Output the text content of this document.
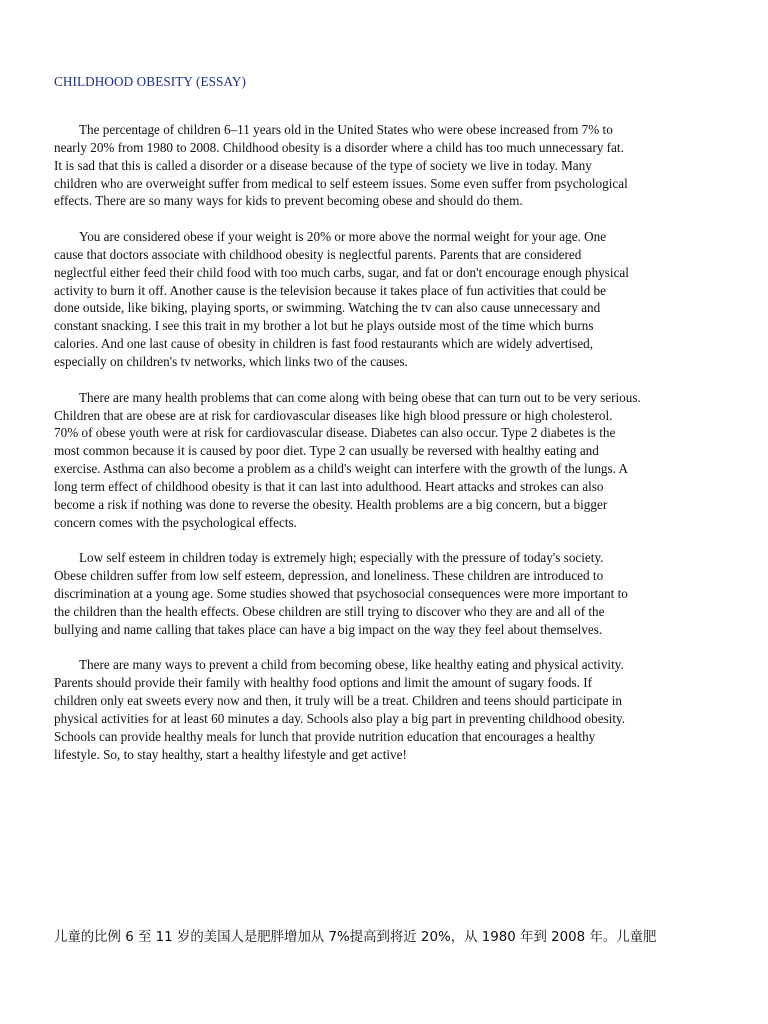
CHILDHOOD OBESITY (ESSAY)

The percentage of children 6–11 years old in the United States who were obese increased from 7% to
nearly 20% from 1980 to 2008. Childhood obesity is a disorder where a child has too much unnecessary fat.
It is sad that this is called a disorder or a disease because of the type of society we live in today. Many
children who are overweight suffer from medical to self esteem issues. Some even suffer from psychological
effects. There are so many ways for kids to prevent becoming obese and should do them.

You are considered obese if your weight is 20% or more above the normal weight for your age. One
cause that doctors associate with childhood obesity is neglectful parents. Parents that are considered
neglectful either feed their child food with too much carbs, sugar, and fat or don't encourage enough physical
activity to burn it off. Another cause is the television because it takes place of fun activities that could be
done outside, like biking, playing sports, or swimming. Watching the tv can also cause unnecessary and
constant snacking. I see this trait in my brother a lot but he plays outside most of the time which burns
calories. And one last cause of obesity in children is fast food restaurants which are widely advertised,
especially on children's tv networks, which links two of the causes.

There are many health problems that can come along with being obese that can turn out to be very serious.
Children that are obese are at risk for cardiovascular diseases like high blood pressure or high cholesterol.
70% of obese youth were at risk for cardiovascular disease. Diabetes can also occur. Type 2 diabetes is the
most common because it is caused by poor diet. Type 2 can usually be reversed with healthy eating and
exercise. Asthma can also become a problem as a child's weight can interfere with the growth of the lungs. A
long term effect of childhood obesity is that it can last into adulthood. Heart attacks and strokes can also
become a risk if nothing was done to reverse the obesity. Health problems are a big concern, but a bigger
concern comes with the psychological effects.

Low self esteem in children today is extremely high; especially with the pressure of today's society.
Obese children suffer from low self esteem, depression, and loneliness. These children are introduced to
discrimination at a young age. Some studies showed that psychosocial consequences were more important to
the children than the health effects. Obese children are still trying to discover who they are and all of the
bullying and name calling that takes place can have a big impact on the way they feel about themselves.

There are many ways to prevent a child from becoming obese, like healthy eating and physical activity.
Parents should provide their family with healthy food options and limit the amount of sugary foods. If
children only eat sweets every now and then, it truly will be a treat. Children and teens should participate in
physical activities for at least 60 minutes a day. Schools also play a big part in preventing childhood obesity.
Schools can provide healthy meals for lunch that provide nutrition education that encourages a healthy
lifestyle. So, to stay healthy, start a healthy lifestyle and get active!

儿童的比例 6 至 11 岁的美国人是肥胖增加从 7%提高到将近 20%，从 1980 年到 2008 年。儿童肥
